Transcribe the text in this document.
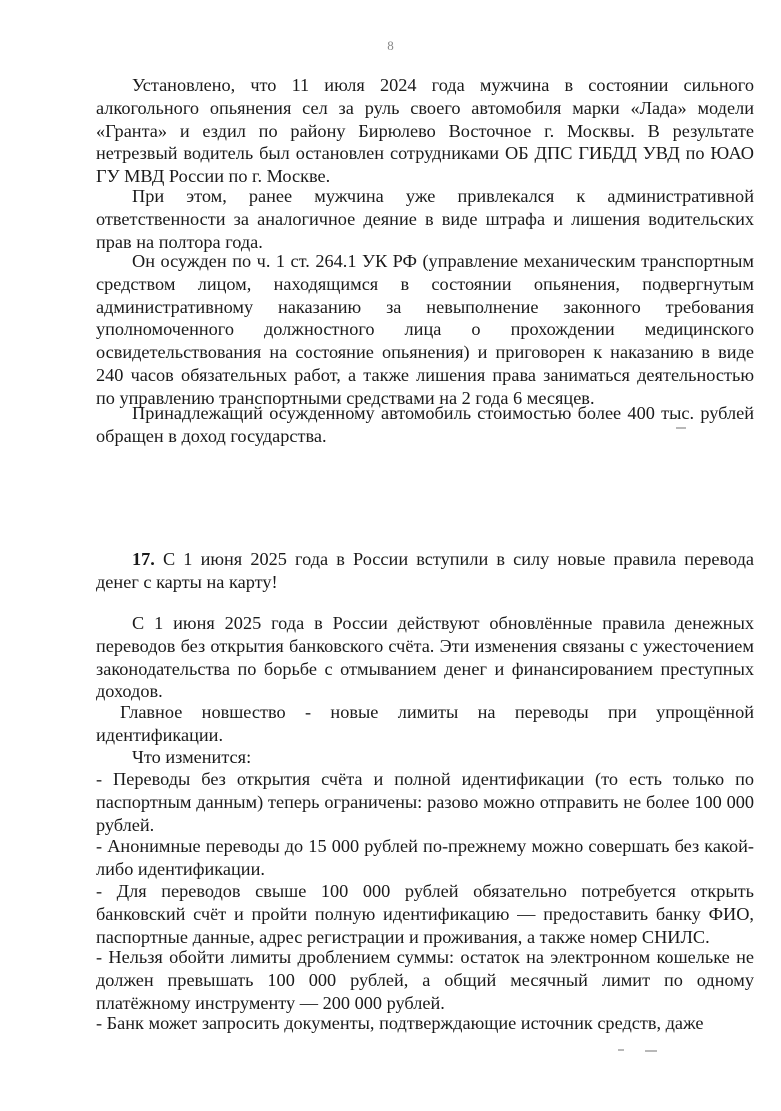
8

Установлено, что 11 июля 2024 года мужчина в состоянии сильного алкогольного опьянения сел за руль своего автомобиля марки «Лада» модели «Гранта» и ездил по району Бирюлево Восточное г. Москвы. В результате нетрезвый водитель был остановлен сотрудниками ОБ ДПС ГИБДД УВД по ЮАО ГУ МВД России по г. Москве.

При этом, ранее мужчина уже привлекался к административной ответственности за аналогичное деяние в виде штрафа и лишения водительских прав на полтора года.

Он осужден по ч. 1 ст. 264.1 УК РФ (управление механическим транспортным средством лицом, находящимся в состоянии опьянения, подвергнутым административному наказанию за невыполнение законного требования уполномоченного должностного лица о прохождении медицинского освидетельствования на состояние опьянения) и приговорен к наказанию в виде 240 часов обязательных работ, а также лишения права заниматься деятельностью по управлению транспортными средствами на 2 года 6 месяцев.

Принадлежащий осужденному автомобиль стоимостью более 400 тыс. рублей обращен в доход государства.

17. С 1 июня 2025 года в России вступили в силу новые правила перевода денег с карты на карту!

С 1 июня 2025 года в России действуют обновлённые правила денежных переводов без открытия банковского счёта. Эти изменения связаны с ужесточением законодательства по борьбе с отмыванием денег и финансированием преступных доходов.

Главное новшество - новые лимиты на переводы при упрощённой идентификации.

Что изменится:

- Переводы без открытия счёта и полной идентификации (то есть только по паспортным данным) теперь ограничены: разово можно отправить не более 100 000 рублей.

- Анонимные переводы до 15 000 рублей по-прежнему можно совершать без какой-либо идентификации.

- Для переводов свыше 100 000 рублей обязательно потребуется открыть банковский счёт и пройти полную идентификацию — предоставить банку ФИО, паспортные данные, адрес регистрации и проживания, а также номер СНИЛС.

- Нельзя обойти лимиты дроблением суммы: остаток на электронном кошельке не должен превышать 100 000 рублей, а общий месячный лимит по одному платёжному инструменту — 200 000 рублей.

- Банк может запросить документы, подтверждающие источник средств, даже
